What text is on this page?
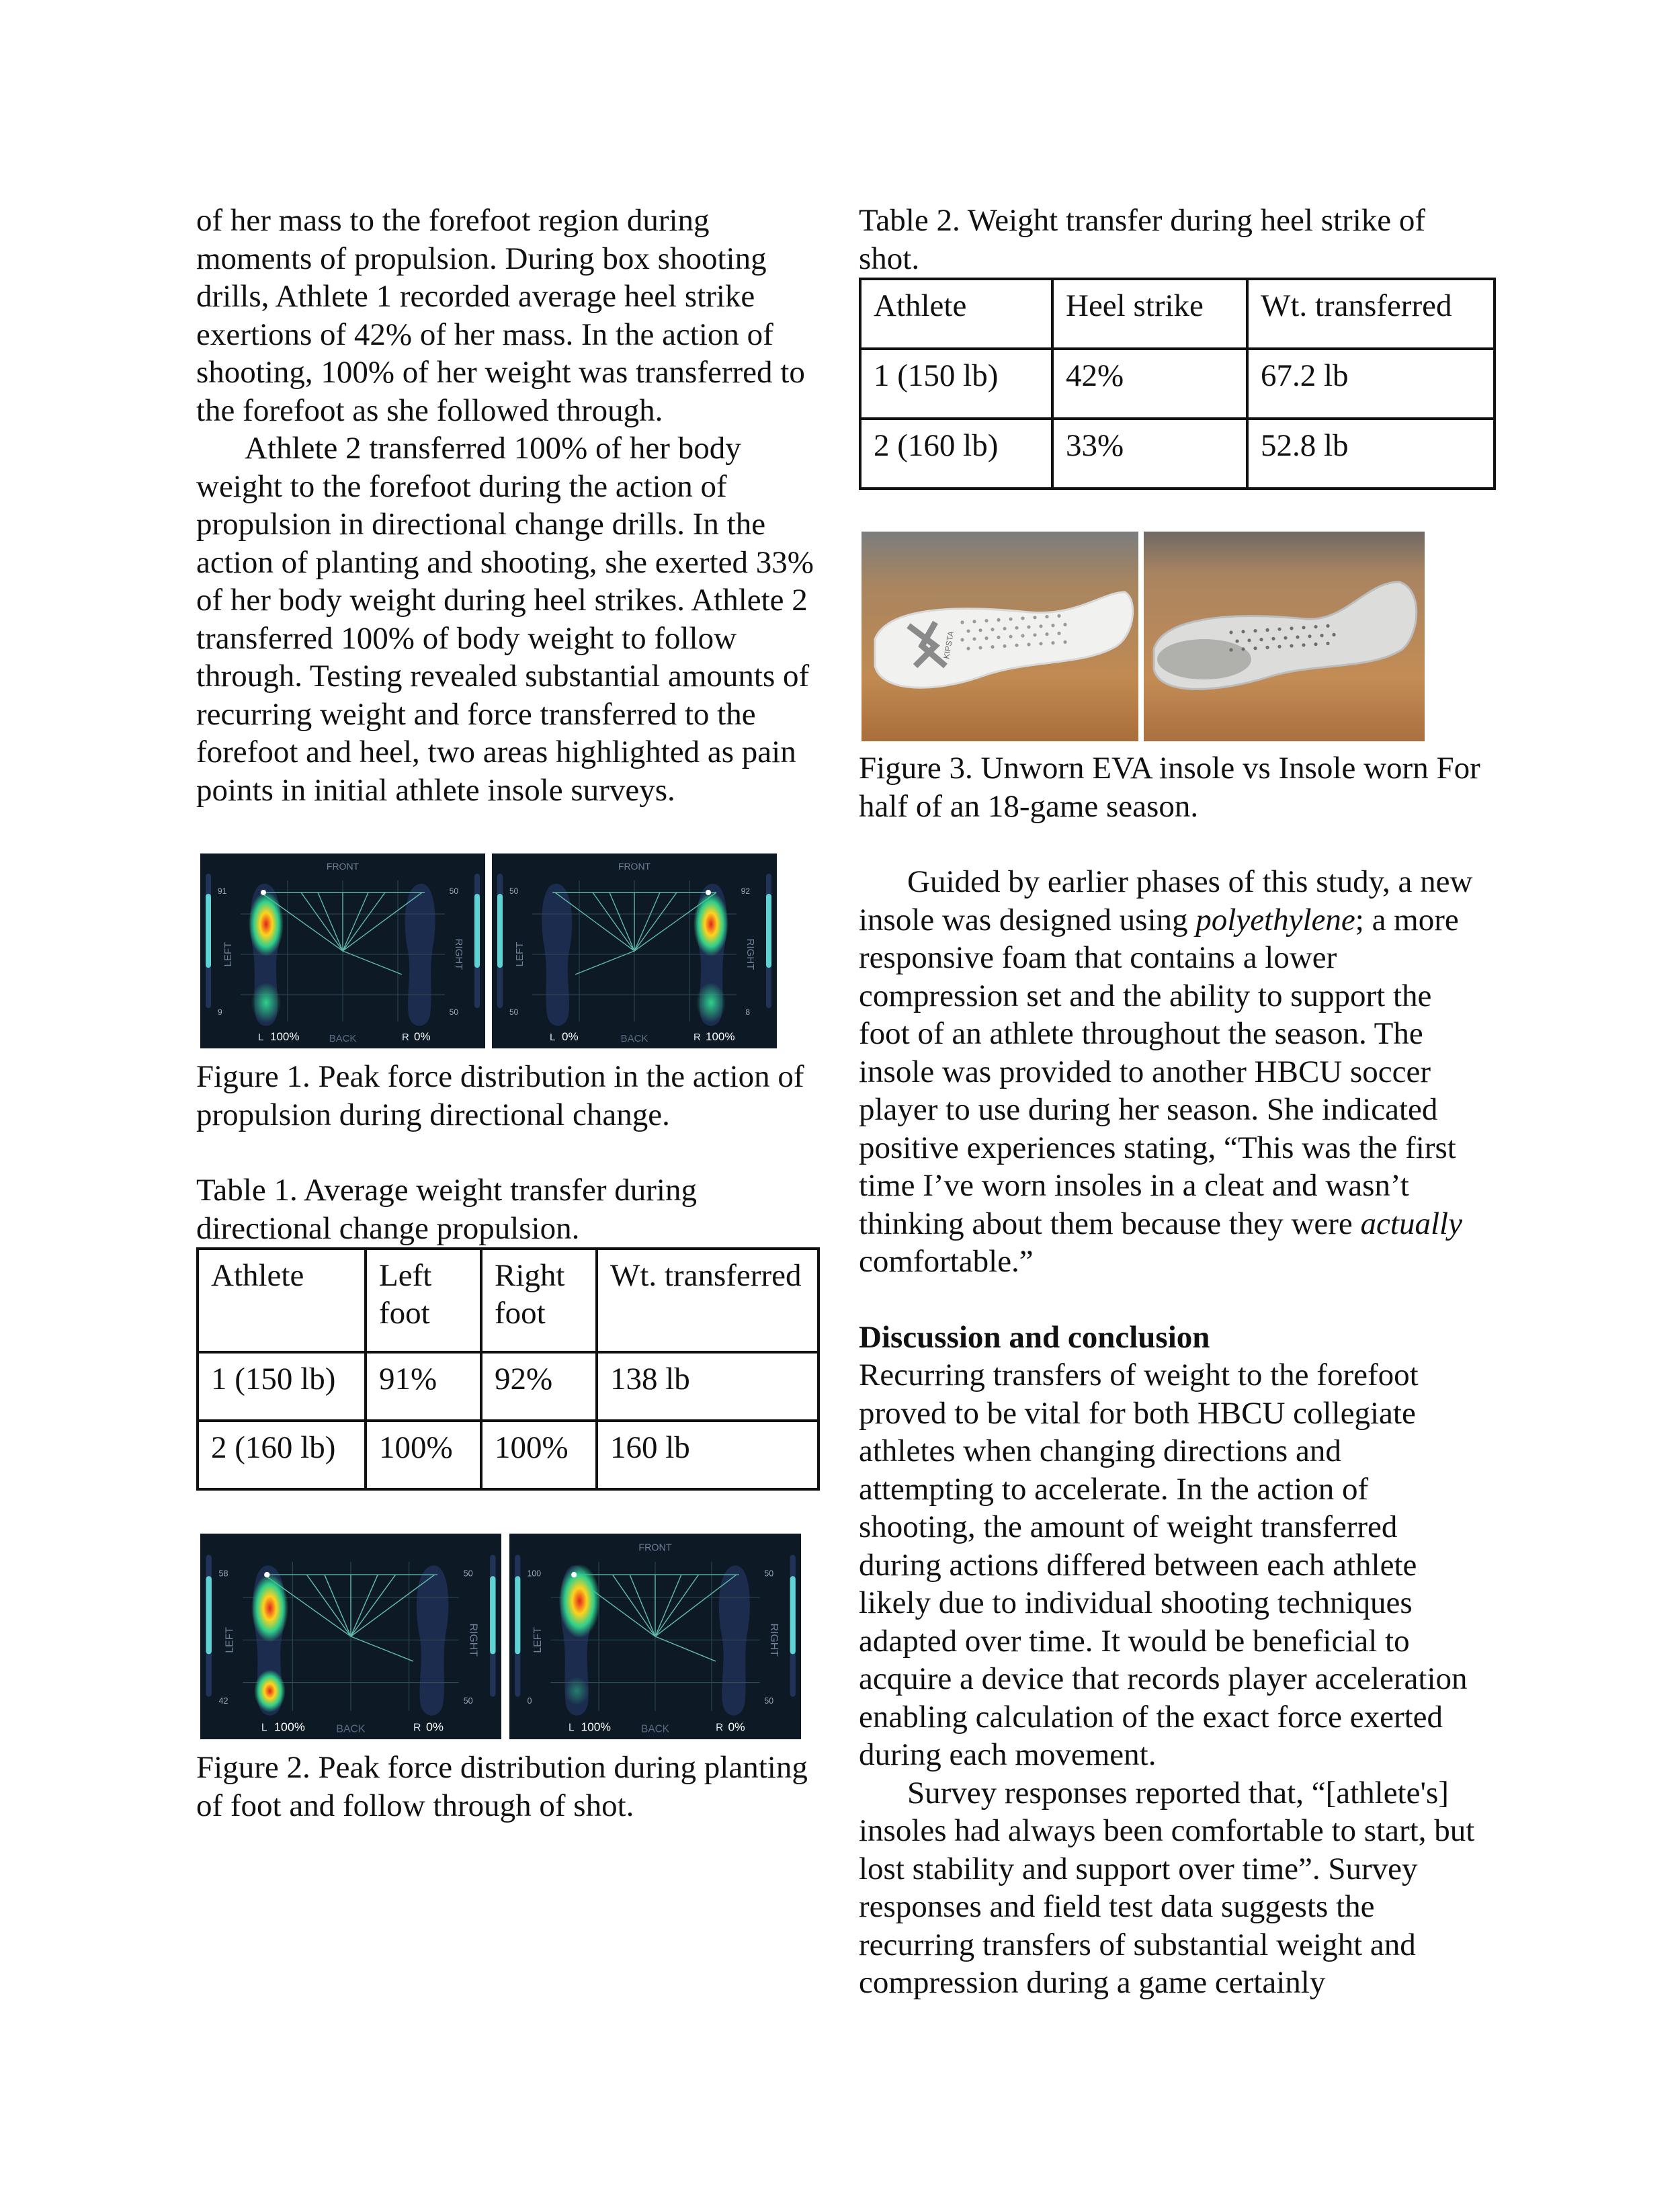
of her mass to the forefoot region during moments of propulsion. During box shooting drills, Athlete 1 recorded average heel strike exertions of 42% of her mass. In the action of shooting, 100% of her weight was transferred to the forefoot as she followed through.

Athlete 2 transferred 100% of her body weight to the forefoot during the action of propulsion in directional change drills. In the action of planting and shooting, she exerted 33% of her body weight during heel strikes. Athlete 2 transferred 100% of body weight to follow through. Testing revealed substantial amounts of recurring weight and force transferred to the forefoot and heel, two areas highlighted as pain points in initial athlete insole surveys.

FRONT
BACK
LEFT	RIGHT
91
9
50
50
L 100%	R 0%
FRONT
BACK
LEFT	RIGHT
50
50
92
8
L 0%	R 100%

Figure 1. Peak force distribution in the action of propulsion during directional change.

Table 1. Average weight transfer during directional change propulsion.

Athlete	Left foot	Right foot	Wt. transferred
1 (150 lb)	91%	92%	138 lb
2 (160 lb)	100%	100%	160 lb
BACK
LEFT	RIGHT
58
42
50
50
L 100%	R 0%
FRONT
BACK
LEFT	RIGHT
100
0
50
50
L 100%	R 0%

Figure 2. Peak force distribution during planting of foot and follow through of shot.

Table 2. Weight transfer during heel strike of shot.

Athlete	Heel strike	Wt. transferred
1 (150 lb)	42%	67.2 lb
2 (160 lb)	33%	52.8 lb
KIPSTA

Figure 3. Unworn EVA insole vs Insole worn For half of an 18-game season.

Guided by earlier phases of this study, a new insole was designed using polyethylene; a more responsive foam that contains a lower compression set and the ability to support the foot of an athlete throughout the season. The insole was provided to another HBCU soccer player to use during her season. She indicated positive experiences stating, “This was the first time I’ve worn insoles in a cleat and wasn’t thinking about them because they were actually comfortable.”

Discussion and conclusion

Recurring transfers of weight to the forefoot proved to be vital for both HBCU collegiate athletes when changing directions and attempting to accelerate. In the action of shooting, the amount of weight transferred during actions differed between each athlete likely due to individual shooting techniques adapted over time. It would be beneficial to acquire a device that records player acceleration enabling calculation of the exact force exerted during each movement.

Survey responses reported that, “[athlete's] insoles had always been comfortable to start, but lost stability and support over time”. Survey responses and field test data suggests the recurring transfers of substantial weight and compression during a game certainly
